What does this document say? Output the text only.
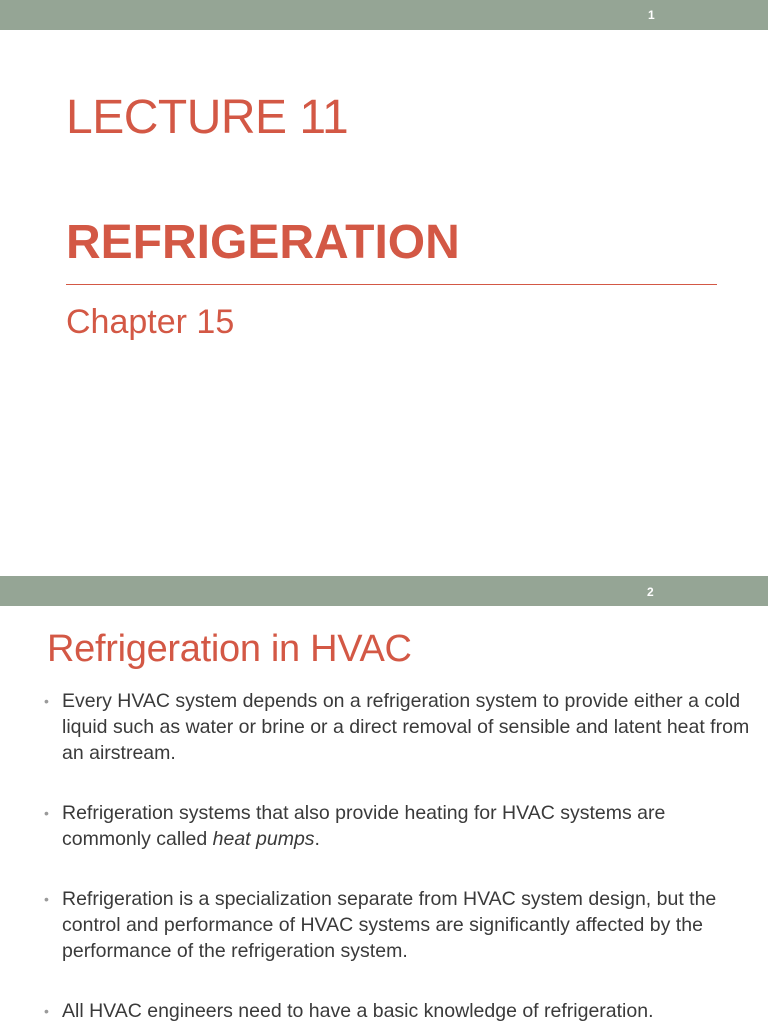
1
LECTURE 11
REFRIGERATION
Chapter 15
2
Refrigeration in HVAC
• Every HVAC system depends on a refrigeration system to provide either a cold liquid such as water or brine or a direct removal of sensible and latent heat from an airstream.
• Refrigeration systems that also provide heating for HVAC systems are commonly called heat pumps.
• Refrigeration is a specialization separate from HVAC system design, but the control and performance of HVAC systems are significantly affected by the performance of the refrigeration system.
• All HVAC engineers need to have a basic knowledge of refrigeration.
